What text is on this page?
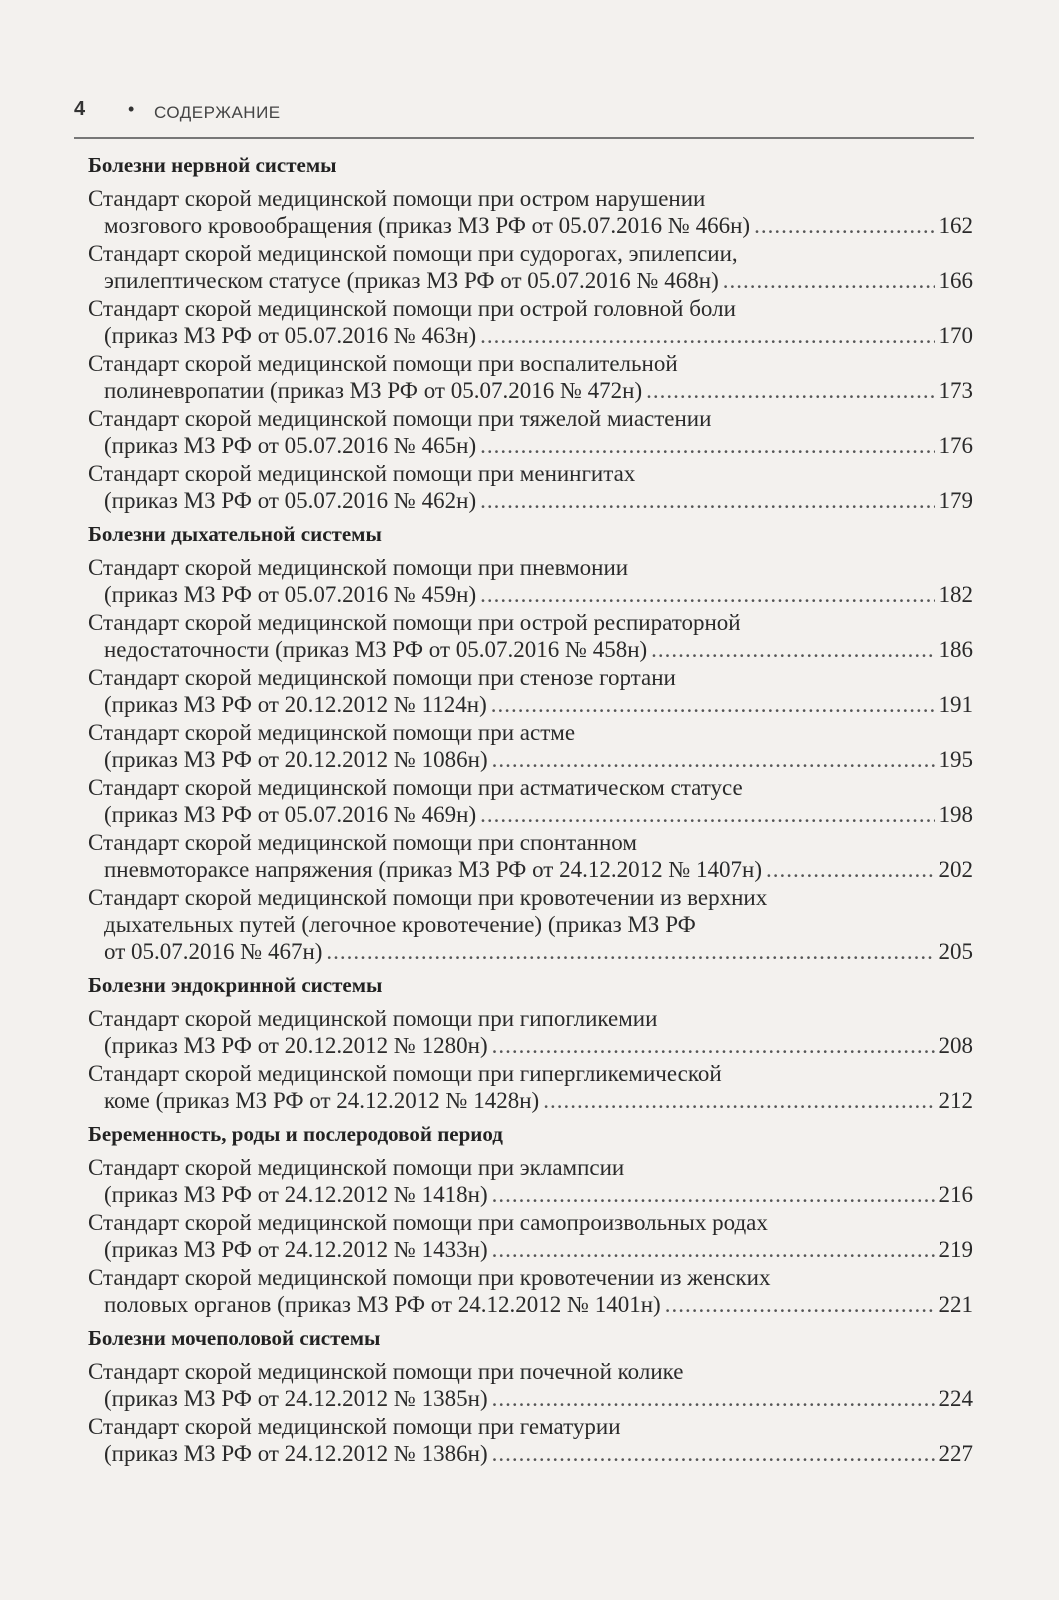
4 • СОДЕРЖАНИЕ
Болезни нервной системы
Стандарт скорой медицинской помощи при остром нарушении
мозгового кровообращения (приказ МЗ РФ от 05.07.2016 № 466н) .....	162
Стандарт скорой медицинской помощи при судорогах, эпилепсии,
эпилептическом статусе (приказ МЗ РФ от 05.07.2016 № 468н) .....	166
Стандарт скорой медицинской помощи при острой головной боли
(приказ МЗ РФ от 05.07.2016 № 463н) .....	170
Стандарт скорой медицинской помощи при воспалительной
полиневропатии (приказ МЗ РФ от 05.07.2016 № 472н) .....	173
Стандарт скорой медицинской помощи при тяжелой миастении
(приказ МЗ РФ от 05.07.2016 № 465н) .....	176
Стандарт скорой медицинской помощи при менингитах
(приказ МЗ РФ от 05.07.2016 № 462н) .....	179
Болезни дыхательной системы
Стандарт скорой медицинской помощи при пневмонии
(приказ МЗ РФ от 05.07.2016 № 459н) .....	182
Стандарт скорой медицинской помощи при острой респираторной
недостаточности (приказ МЗ РФ от 05.07.2016 № 458н) .....	186
Стандарт скорой медицинской помощи при стенозе гортани
(приказ МЗ РФ от 20.12.2012 № 1124н) .....	191
Стандарт скорой медицинской помощи при астме
(приказ МЗ РФ от 20.12.2012 № 1086н) .....	195
Стандарт скорой медицинской помощи при астматическом статусе
(приказ МЗ РФ от 05.07.2016 № 469н) .....	198
Стандарт скорой медицинской помощи при спонтанном
пневмотораксе напряжения (приказ МЗ РФ от 24.12.2012 № 1407н) .....	202
Стандарт скорой медицинской помощи при кровотечении из верхних
дыхательных путей (легочное кровотечение) (приказ МЗ РФ
от 05.07.2016 № 467н) .....	205
Болезни эндокринной системы
Стандарт скорой медицинской помощи при гипогликемии
(приказ МЗ РФ от 20.12.2012 № 1280н) .....	208
Стандарт скорой медицинской помощи при гипергликемической
коме (приказ МЗ РФ от 24.12.2012 № 1428н) .....	212
Беременность, роды и послеродовой период
Стандарт скорой медицинской помощи при эклампсии
(приказ МЗ РФ от 24.12.2012 № 1418н) .....	216
Стандарт скорой медицинской помощи при самопроизвольных родах
(приказ МЗ РФ от 24.12.2012 № 1433н) .....	219
Стандарт скорой медицинской помощи при кровотечении из женских
половых органов (приказ МЗ РФ от 24.12.2012 № 1401н) .....	221
Болезни мочеполовой системы
Стандарт скорой медицинской помощи при почечной колике
(приказ МЗ РФ от 24.12.2012 № 1385н) .....	224
Стандарт скорой медицинской помощи при гематурии
(приказ МЗ РФ от 24.12.2012 № 1386н) .....	227
